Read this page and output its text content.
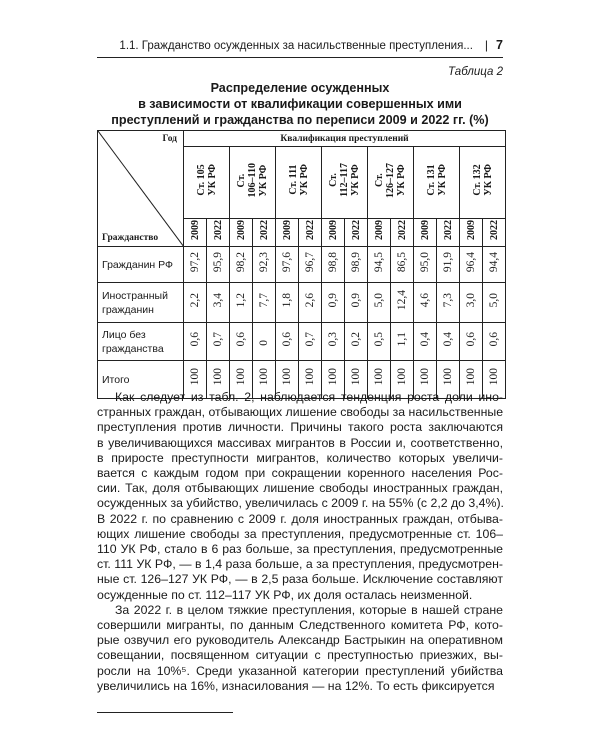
1.1. Гражданство осужденных за насильственные преступления... | 7
Таблица 2
Распределение осужденных
в зависимости от квалификации совершенных ими
преступлений и гражданства по переписи 2009 и 2022 гг. (%)
Год
Гражданство	Квалификация преступлений													

	Ст. 105 УК РФ		Ст. 106–110 УК РФ		Ст. 111 УК РФ		Ст. 112–117 УК РФ		Ст. 126–127 УК РФ		Ст. 131 УК РФ		Ст. 132 УК РФ	

	2009	2022	2009	2022	2009	2022	2009	2022	2009	2022	2009	2022	2009	2022
Гражданин РФ	97,2	95,9	98,2	92,3	97,6	96,7	98,8	98,9	94,5	86,5	95,0	91,9	96,4	94,4
Иностранный гражданин	2,2	3,4	1,2	7,7	1,8	2,6	0,9	0,9	5,0	12,4	4,6	7,3	3,0	5,0
Лицо без гражданства	0,6	0,7	0,6	0	0,6	0,7	0,3	0,2	0,5	1,1	0,4	0,4	0,6	0,6
Итого	100	100	100	100	100	100	100	100	100	100	100	100	100	100

Как следует из табл. 2, наблюдается тенденция роста доли ино-
странных граждан, отбывающих лишение свободы за насильственные
преступления против личности. Причины такого роста заключаются
в увеличивающихся массивах мигрантов в России и, соответственно,
в приросте преступности мигрантов, количество которых увеличи-
вается с каждым годом при сокращении коренного населения Рос-
сии. Так, доля отбывающих лишение свободы иностранных граждан,
осужденных за убийство, увеличилась с 2009 г. на 55% (с 2,2 до 3,4%).
В 2022 г. по сравнению с 2009 г. доля иностранных граждан, отбыва-
ющих лишение свободы за преступления, предусмотренные ст. 106–
110 УК РФ, стало в 6 раз больше, за преступления, предусмотренные
ст. 111 УК РФ, — в 1,4 раза больше, а за преступления, предусмотрен-
ные ст. 126–127 УК РФ, — в 2,5 раза больше. Исключение составляют
осужденные по ст. 112–117 УК РФ, их доля осталась неизменной.

За 2022 г. в целом тяжкие преступления, которые в нашей стране
совершили мигранты, по данным Следственного комитета РФ, кото-
рые озвучил его руководитель Александр Бастрыкин на оперативном
совещании, посвященном ситуации с преступностью приезжих, вы-
росли на 10%⁵. Среди указанной категории преступлений убийства
увеличились на 16%, изнасилования — на 12%. То есть фиксируется
